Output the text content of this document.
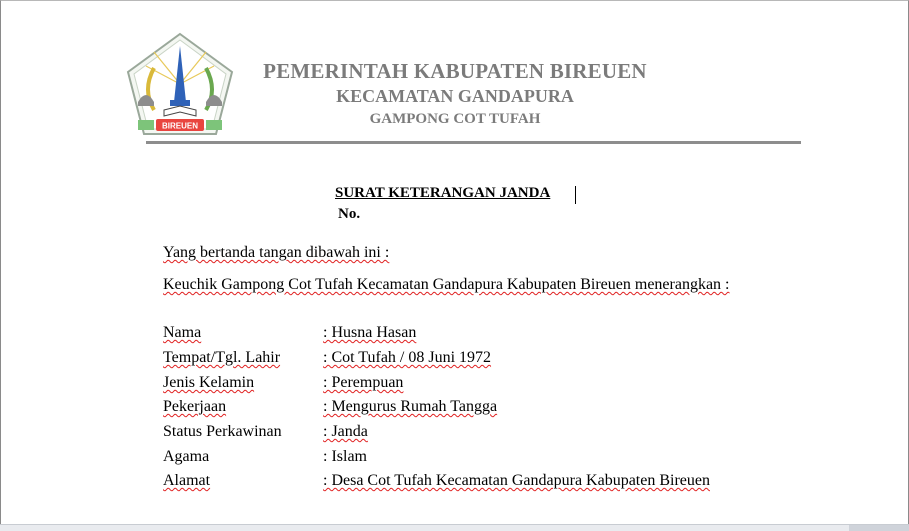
BIREUEN
PEMERINTAH KABUPATEN BIREUEN
KECAMATAN GANDAPURA
GAMPONG COT TUFAH
SURAT KETERANGAN JANDA
No.
Yang bertanda tangan dibawah ini :
Keuchik Gampong Cot Tufah Kecamatan Gandapura Kabupaten Bireuen menerangkan :
Nama	: Husna Hasan
Tempat/Tgl. Lahir	: Cot Tufah / 08 Juni 1972
Jenis Kelamin	: Perempuan
Pekerjaan	: Mengurus Rumah Tangga
Status Perkawinan	: Janda
Agama	: Islam
Alamat	: Desa Cot Tufah Kecamatan Gandapura Kabupaten Bireuen
